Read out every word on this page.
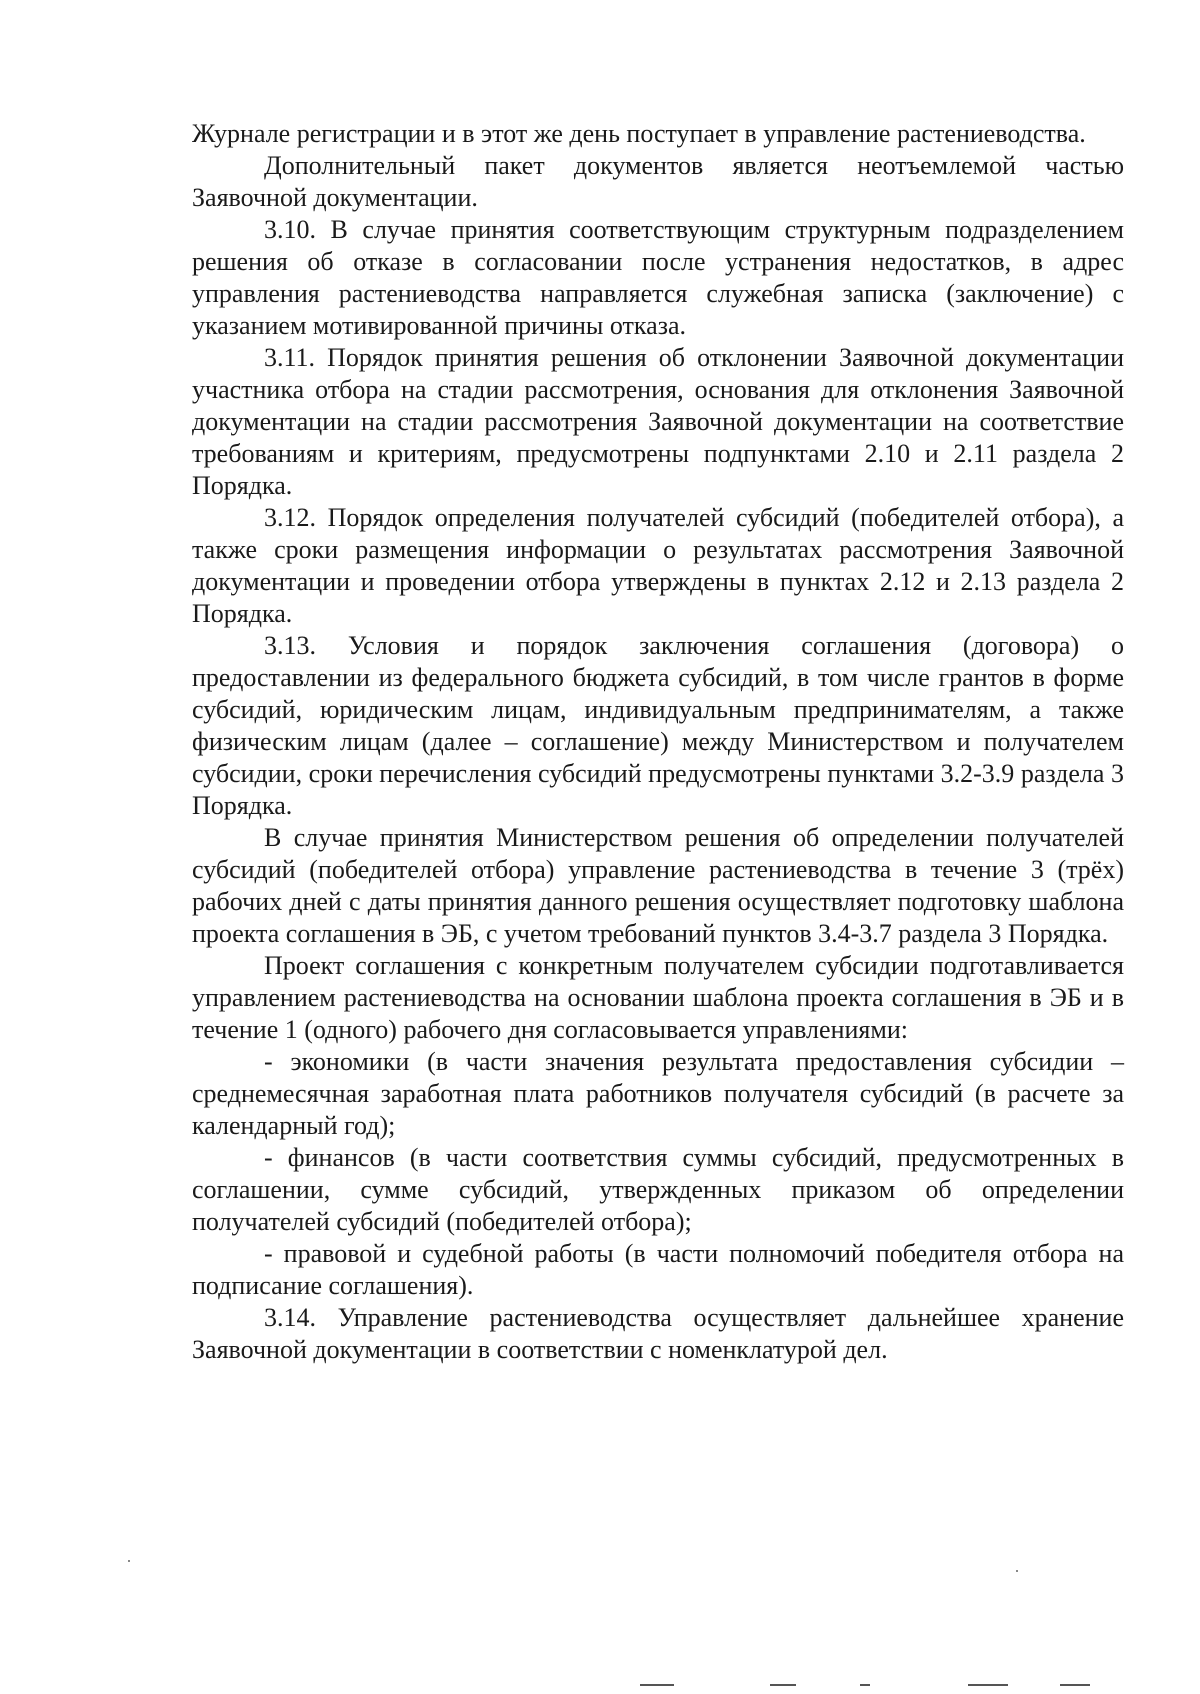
Журнале регистрации и в этот же день поступает в управление растениеводства.

Дополнительный пакет документов является неотъемлемой частью Заявочной документации.

3.10. В случае принятия соответствующим структурным подразделением решения об отказе в согласовании после устранения недостатков, в адрес управления растениеводства направляется служебная записка (заключение) с указанием мотивированной причины отказа.

3.11. Порядок принятия решения об отклонении Заявочной документации участника отбора на стадии рассмотрения, основания для отклонения Заявочной документации на стадии рассмотрения Заявочной документации на соответствие требованиям и критериям, предусмотрены подпунктами 2.10 и 2.11 раздела 2 Порядка.

3.12. Порядок определения получателей субсидий (победителей отбора), а также сроки размещения информации о результатах рассмотрения Заявочной документации и проведении отбора утверждены в пунктах 2.12 и 2.13 раздела 2 Порядка.

3.13. Условия и порядок заключения соглашения (договора) о предоставлении из федерального бюджета субсидий, в том числе грантов в форме субсидий, юридическим лицам, индивидуальным предпринимателям, а также физическим лицам (далее – соглашение) между Министерством и получателем субсидии, сроки перечисления субсидий предусмотрены пунктами 3.2-3.9 раздела 3 Порядка.

В случае принятия Министерством решения об определении получателей субсидий (победителей отбора) управление растениеводства в течение 3 (трёх) рабочих дней с даты принятия данного решения осуществляет подготовку шаблона проекта соглашения в ЭБ, с учетом требований пунктов 3.4-3.7 раздела 3 Порядка.

Проект соглашения с конкретным получателем субсидии подготавливается управлением растениеводства на основании шаблона проекта соглашения в ЭБ и в течение 1 (одного) рабочего дня согласовывается управлениями:

- экономики (в части значения результата предоставления субсидии – среднемесячная заработная плата работников получателя субсидий (в расчете за календарный год);

- финансов (в части соответствия суммы субсидий, предусмотренных в соглашении, сумме субсидий, утвержденных приказом об определении получателей субсидий (победителей отбора);

- правовой и судебной работы (в части полномочий победителя отбора на подписание соглашения).

3.14. Управление растениеводства осуществляет дальнейшее хранение Заявочной документации в соответствии с номенклатурой дел.
